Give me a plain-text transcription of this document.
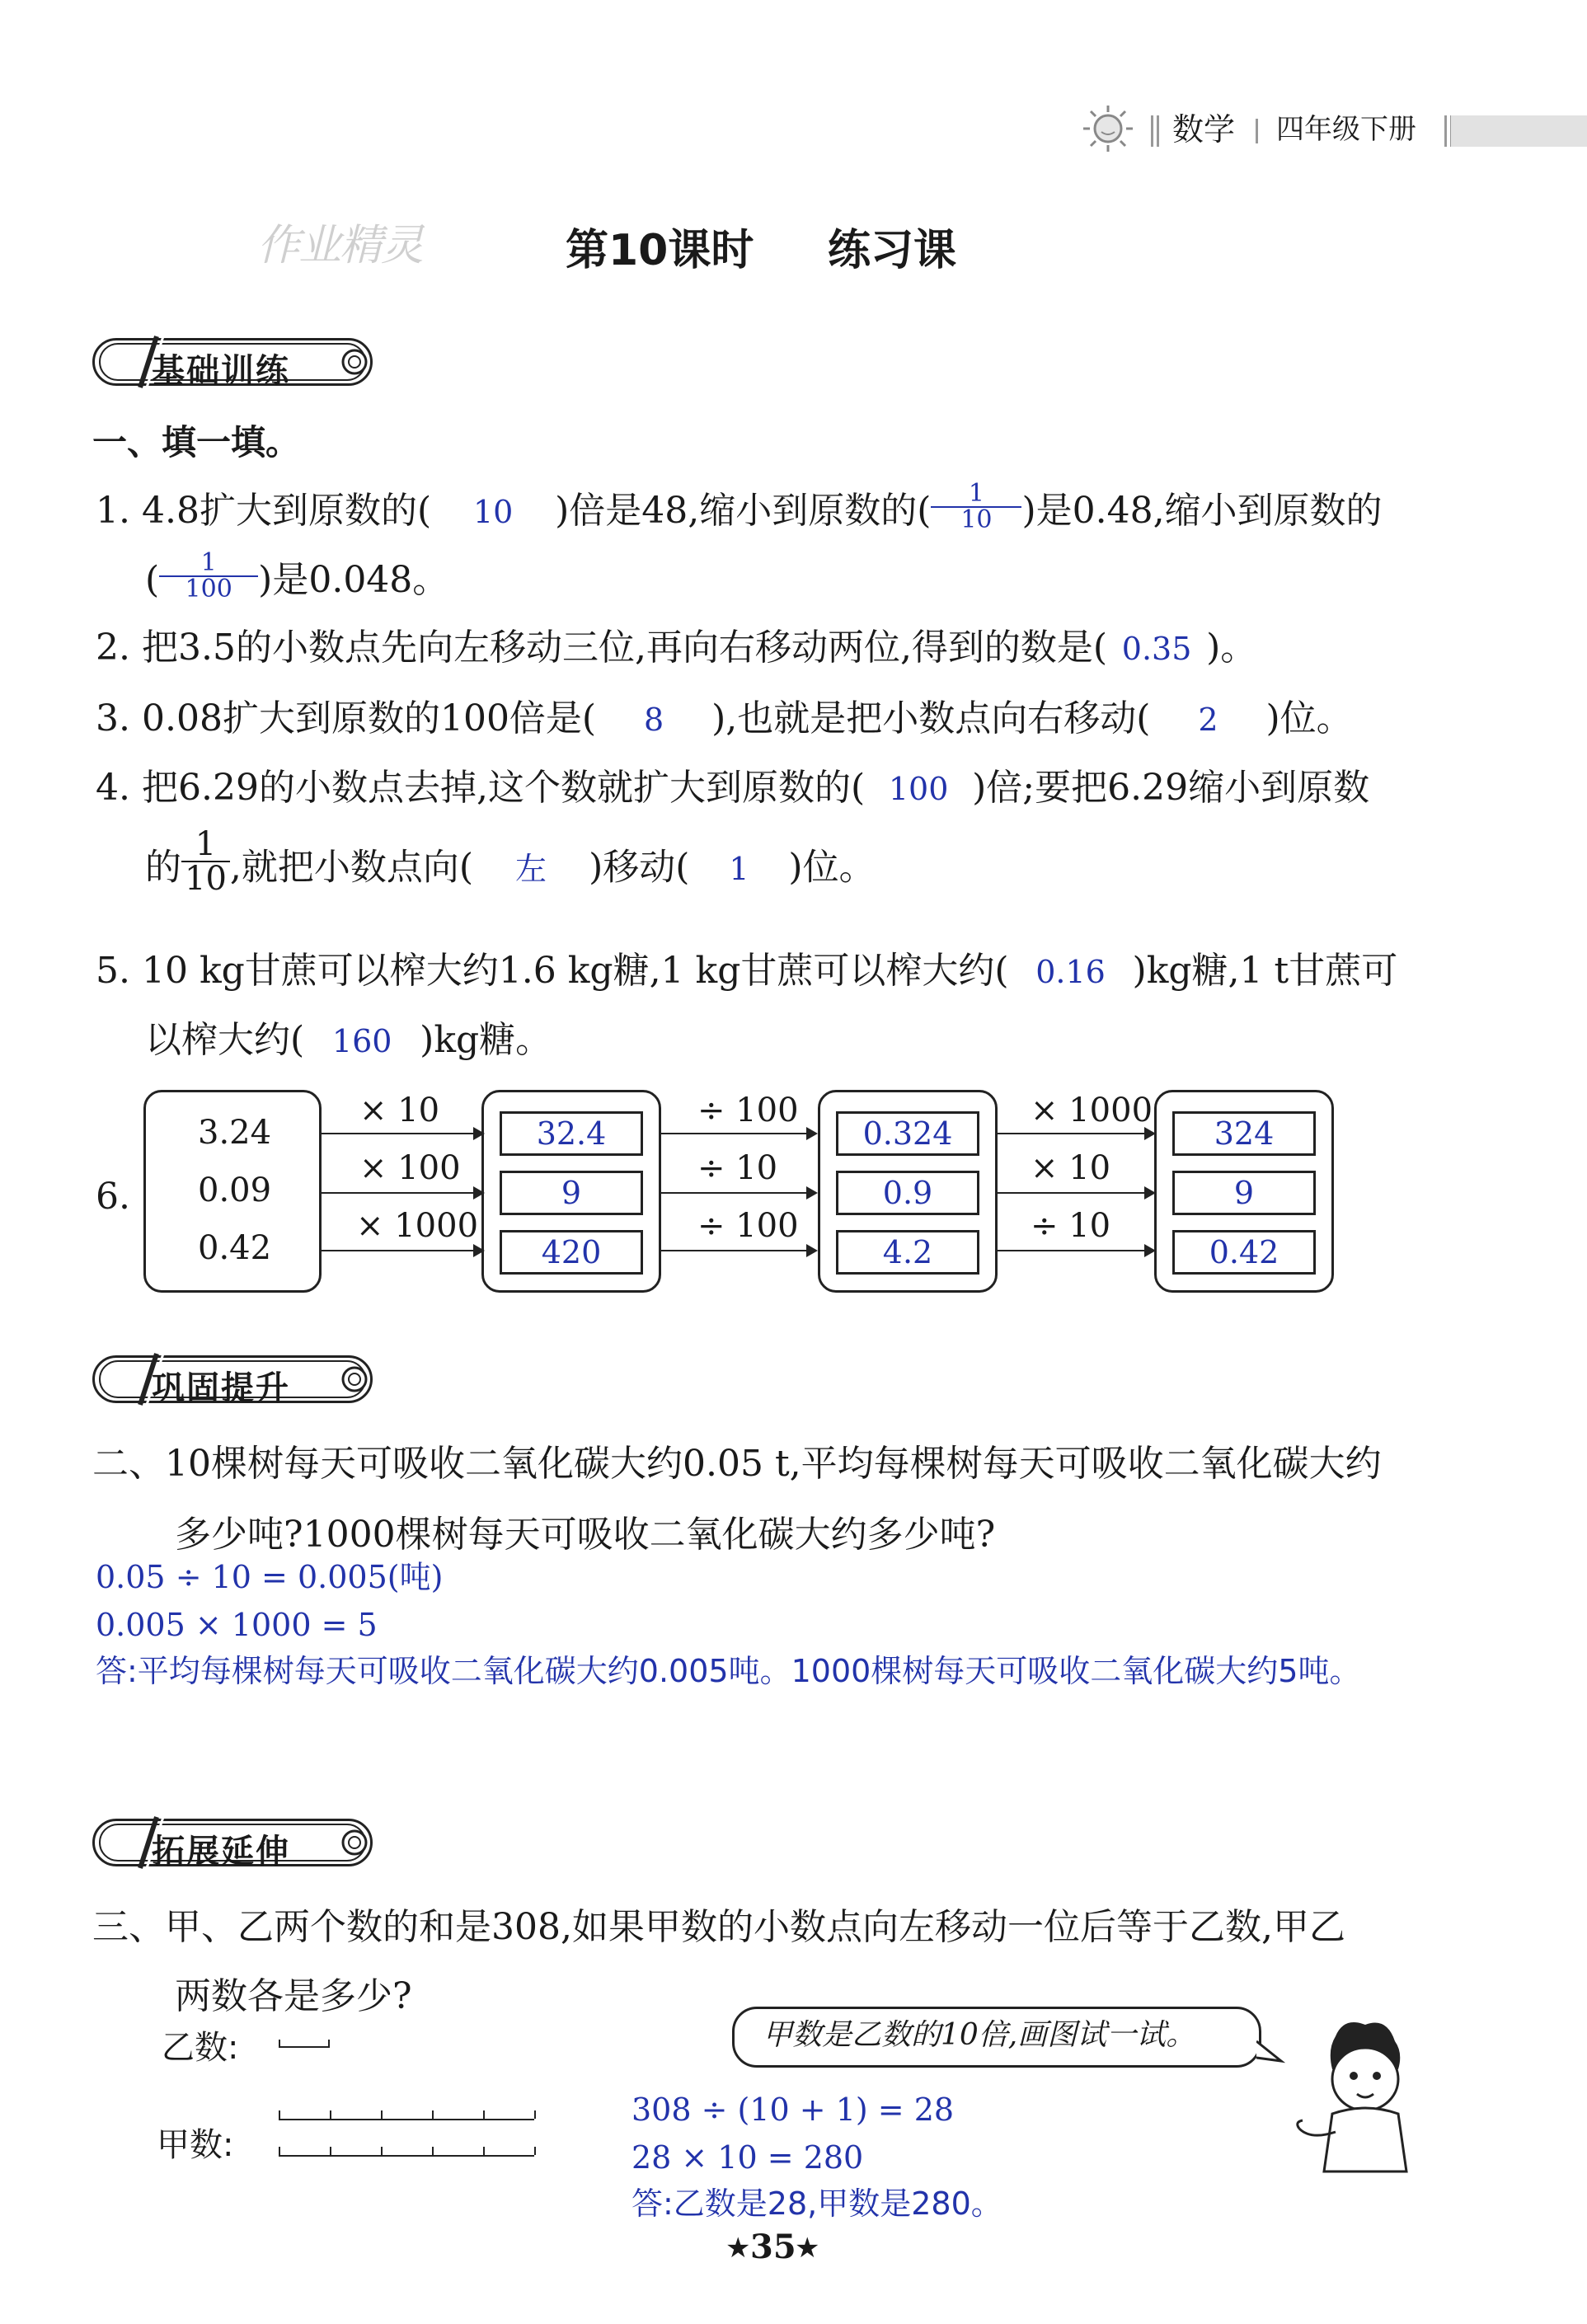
数学 四年级下册
作业精灵	第10课时 练习课
基础训练
一、填一填。
1. 4.8扩大到原数的( 10 )倍是48,缩小到原数的( $\frac{1}{10}$ )是0.48,缩小到原数的
( $\frac{1}{100}$ )是0.048。
2. 把3.5的小数点先向左移动三位,再向右移动两位,得到的数是( 0.35 )。
3. 0.08扩大到原数的100倍是( 8 ),也就是把小数点向右移动( 2 )位。
4. 把6.29的小数点去掉,这个数就扩大到原数的( 100 )倍;要把6.29缩小到原数
的 $\frac{1}{10}$ ,就把小数点向( 左 )移动( 1 )位。
5. 10 kg甘蔗可以榨大约1.6 kg糖,1 kg甘蔗可以榨大约( 0.16 )kg糖,1 t甘蔗可
以榨大约( 160 )kg糖。
6.
3.24
0.09
0.42
× 10
× 100
× 1000
32.4
9
420
÷ 100
÷ 10
÷ 100
0.324
0.9
4.2
× 1000
× 10
÷ 10
324
9
0.42
巩固提升
二、10棵树每天可吸收二氧化碳大约0.05 t,平均每棵树每天可吸收二氧化碳大约
多少吨?1000棵树每天可吸收二氧化碳大约多少吨?
0.05 ÷ 10 = 0.005(吨)
0.005 × 1000 = 5
答:平均每棵树每天可吸收二氧化碳大约0.005吨。1000棵树每天可吸收二氧化碳大约5吨。
拓展延伸
三、甲、乙两个数的和是308,如果甲数的小数点向左移动一位后等于乙数,甲乙
两数各是多少?
乙数:
甲数:
甲数是乙数的10倍,画图试一试。
308 ÷ (10 + 1) = 28
28 × 10 = 280
答:乙数是28,甲数是280。
★ 35
★
